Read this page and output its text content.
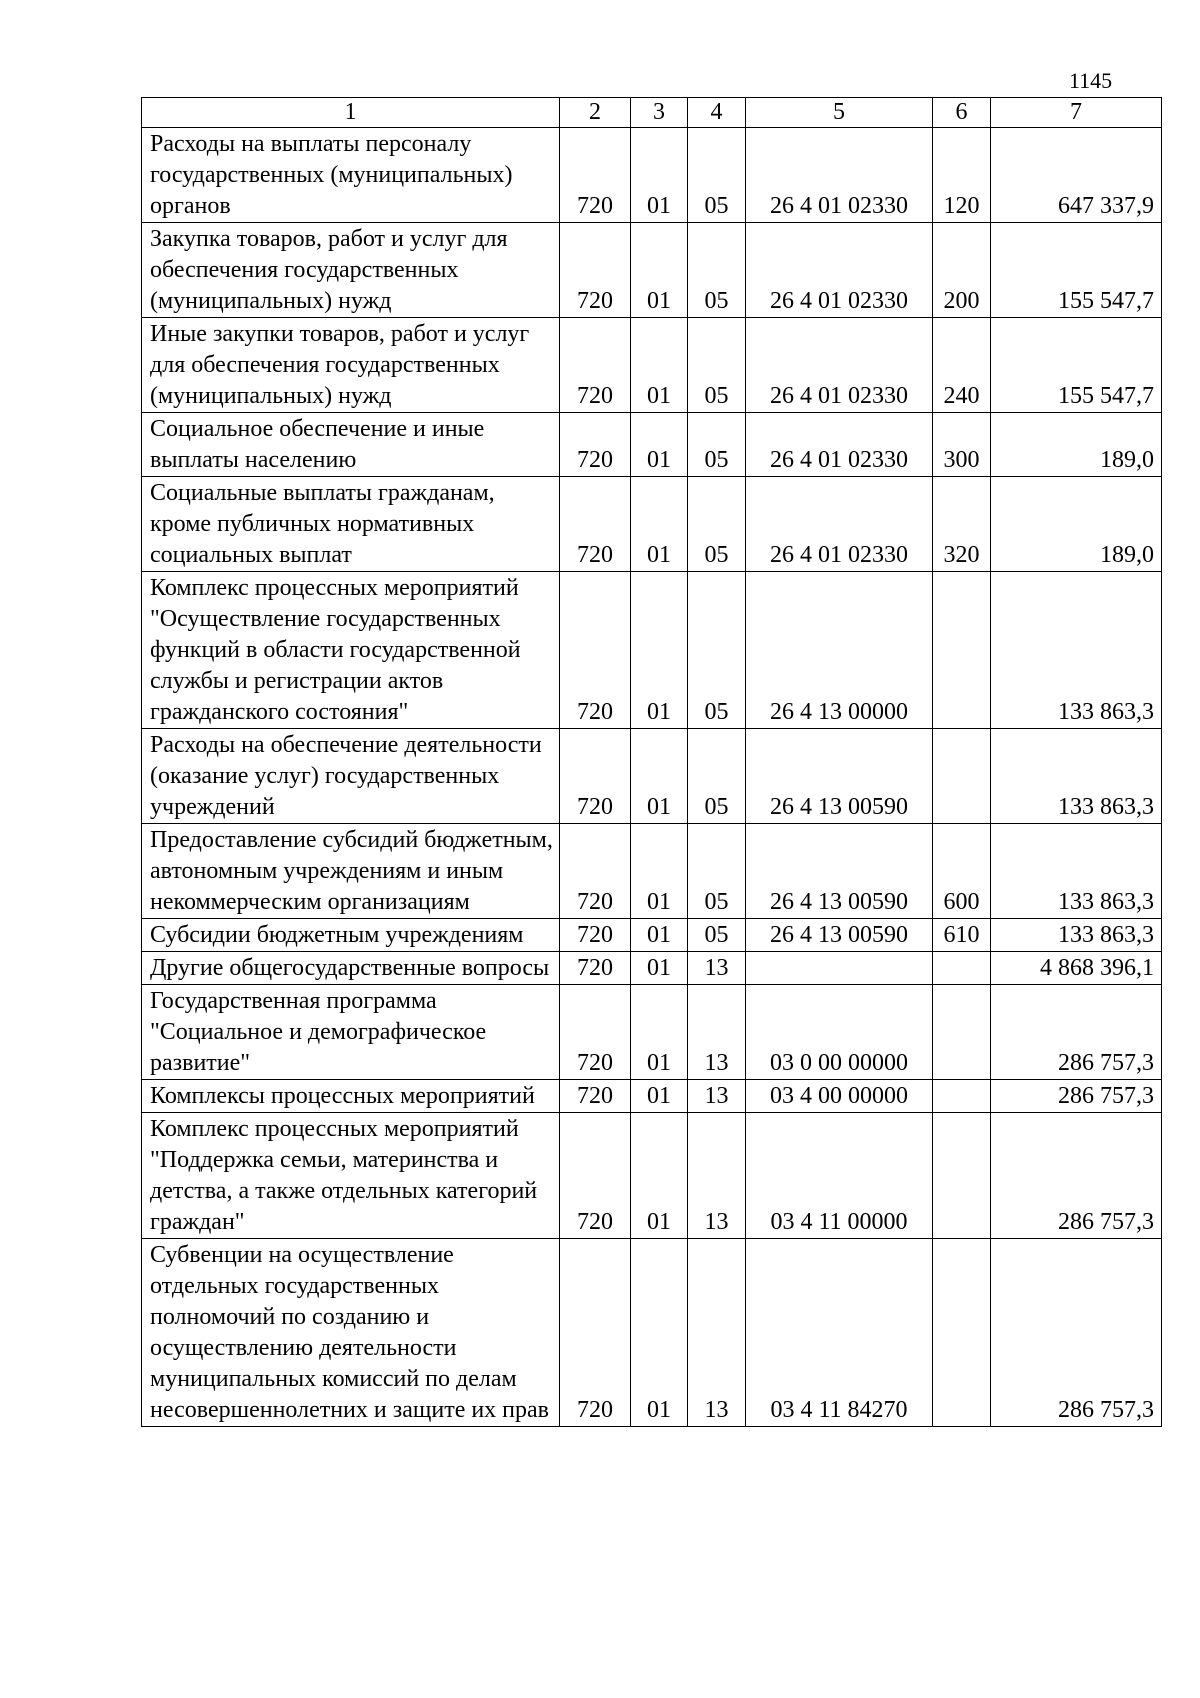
1145
1	2	3	4	5	6	7
Расходы на выплаты персоналу государственных (муниципальных) органов	720	01	05	26 4 01 02330	120	647 337,9
Закупка товаров, работ и услуг для обеспечения государственных (муниципальных) нужд	720	01	05	26 4 01 02330	200	155 547,7
Иные закупки товаров, работ и услуг для обеспечения государственных (муниципальных) нужд	720	01	05	26 4 01 02330	240	155 547,7
Социальное обеспечение и иные выплаты населению	720	01	05	26 4 01 02330	300	189,0
Социальные выплаты гражданам, кроме публичных нормативных социальных выплат	720	01	05	26 4 01 02330	320	189,0
Комплекс процессных мероприятий "Осуществление государственных функций в области государственной службы и регистрации актов гражданского состояния"	720	01	05	26 4 13 00000		133 863,3
Расходы на обеспечение деятельности (оказание услуг) государственных учреждений	720	01	05	26 4 13 00590		133 863,3
Предоставление субсидий бюджетным, автономным учреждениям и иным некоммерческим организациям	720	01	05	26 4 13 00590	600	133 863,3
Субсидии бюджетным учреждениям	720	01	05	26 4 13 00590	610	133 863,3
Другие общегосударственные вопросы	720	01	13			4 868 396,1
Государственная программа "Социальное и демографическое развитие"	720	01	13	03 0 00 00000		286 757,3
Комплексы процессных мероприятий	720	01	13	03 4 00 00000		286 757,3
Комплекс процессных мероприятий "Поддержка семьи, материнства и детства, а также отдельных категорий граждан"	720	01	13	03 4 11 00000		286 757,3
Субвенции на осуществление отдельных государственных полномочий по созданию и осуществлению деятельности муниципальных комиссий по делам несовершеннолетних и защите их прав	720	01	13	03 4 11 84270		286 757,3
